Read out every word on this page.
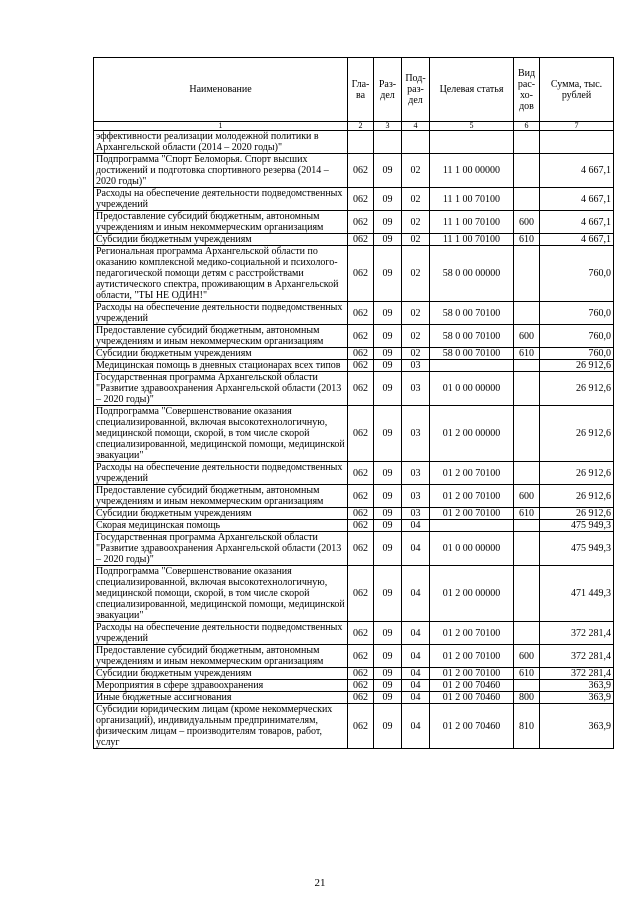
Наименование	Гла-ва	Раз-дел	Под-раз-дел	Целевая статья	Вид рас-хо-дов	Сумма, тыс. рублей
1	2	3	4	5	6	7
эффективности реализации молодежной политики в Архангельской области (2014 – 2020 годы)"						
Подпрограмма "Спорт Беломорья. Спорт высших достижений и подготовка спортивного резерва (2014 – 2020 годы)"	062	09	02	11 1 00 00000		4 667,1
Расходы на обеспечение деятельности подведомственных учреждений	062	09	02	11 1 00 70100		4 667,1
Предоставление субсидий бюджетным, автономным учреждениям и иным некоммерческим организациям	062	09	02	11 1 00 70100	600	4 667,1
Субсидии бюджетным учреждениям	062	09	02	11 1 00 70100	610	4 667,1
Региональная программа Архангельской области по оказанию комплексной медико-социальной и психолого-педагогической помощи детям с расстройствами аутистического спектра, проживающим в Архангельской области, "ТЫ НЕ ОДИН!"	062	09	02	58 0 00 00000		760,0
Расходы на обеспечение деятельности подведомственных учреждений	062	09	02	58 0 00 70100		760,0
Предоставление субсидий бюджетным, автономным учреждениям и иным некоммерческим организациям	062	09	02	58 0 00 70100	600	760,0
Субсидии бюджетным учреждениям	062	09	02	58 0 00 70100	610	760,0
Медицинская помощь в дневных стационарах всех типов	062	09	03			26 912,6
Государственная программа Архангельской области "Развитие здравоохранения Архангельской области (2013 – 2020 годы)"	062	09	03	01 0 00 00000		26 912,6
Подпрограмма "Совершенствование оказания специализированной, включая высокотехнологичную, медицинской помощи, скорой, в том числе скорой специализированной, медицинской помощи, медицинской эвакуации"	062	09	03	01 2 00 00000		26 912,6
Расходы на обеспечение деятельности подведомственных учреждений	062	09	03	01 2 00 70100		26 912,6
Предоставление субсидий бюджетным, автономным учреждениям и иным некоммерческим организациям	062	09	03	01 2 00 70100	600	26 912,6
Субсидии бюджетным учреждениям	062	09	03	01 2 00 70100	610	26 912,6
Скорая медицинская помощь	062	09	04			475 949,3
Государственная программа Архангельской области "Развитие здравоохранения Архангельской области (2013 – 2020 годы)"	062	09	04	01 0 00 00000		475 949,3
Подпрограмма "Совершенствование оказания специализированной, включая высокотехнологичную, медицинской помощи, скорой, в том числе скорой специализированной, медицинской помощи, медицинской эвакуации"	062	09	04	01 2 00 00000		471 449,3
Расходы на обеспечение деятельности подведомственных учреждений	062	09	04	01 2 00 70100		372 281,4
Предоставление субсидий бюджетным, автономным учреждениям и иным некоммерческим организациям	062	09	04	01 2 00 70100	600	372 281,4
Субсидии бюджетным учреждениям	062	09	04	01 2 00 70100	610	372 281,4
Мероприятия в сфере здравоохранения	062	09	04	01 2 00 70460		363,9
Иные бюджетные ассигнования	062	09	04	01 2 00 70460	800	363,9
Субсидии юридическим лицам (кроме некоммерческих организаций), индивидуальным предпринимателям, физическим лицам – производителям товаров, работ, услуг	062	09	04	01 2 00 70460	810	363,9
21
